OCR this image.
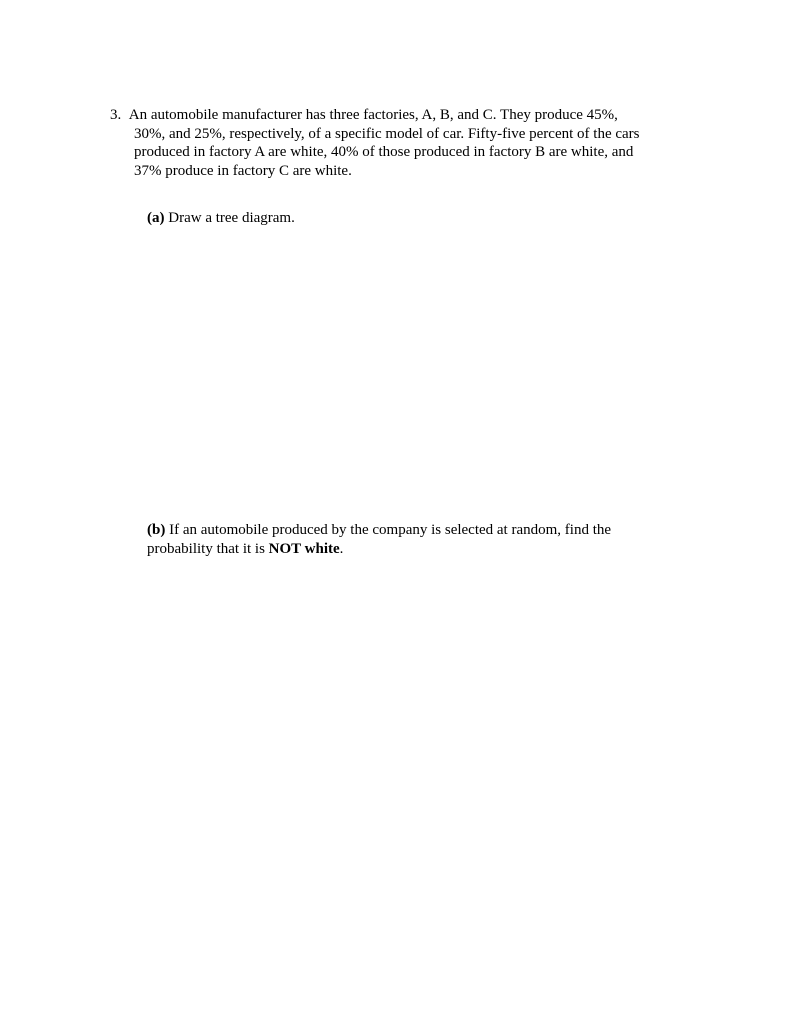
3. An automobile manufacturer has three factories, A, B, and C. They produce 45%,
30%, and 25%, respectively, of a specific model of car. Fifty-five percent of the cars
produced in factory A are white, 40% of those produced in factory B are white, and
37% produce in factory C are white.
(a) Draw a tree diagram.
(b) If an automobile produced by the company is selected at random, find the
probability that it is NOT white.
